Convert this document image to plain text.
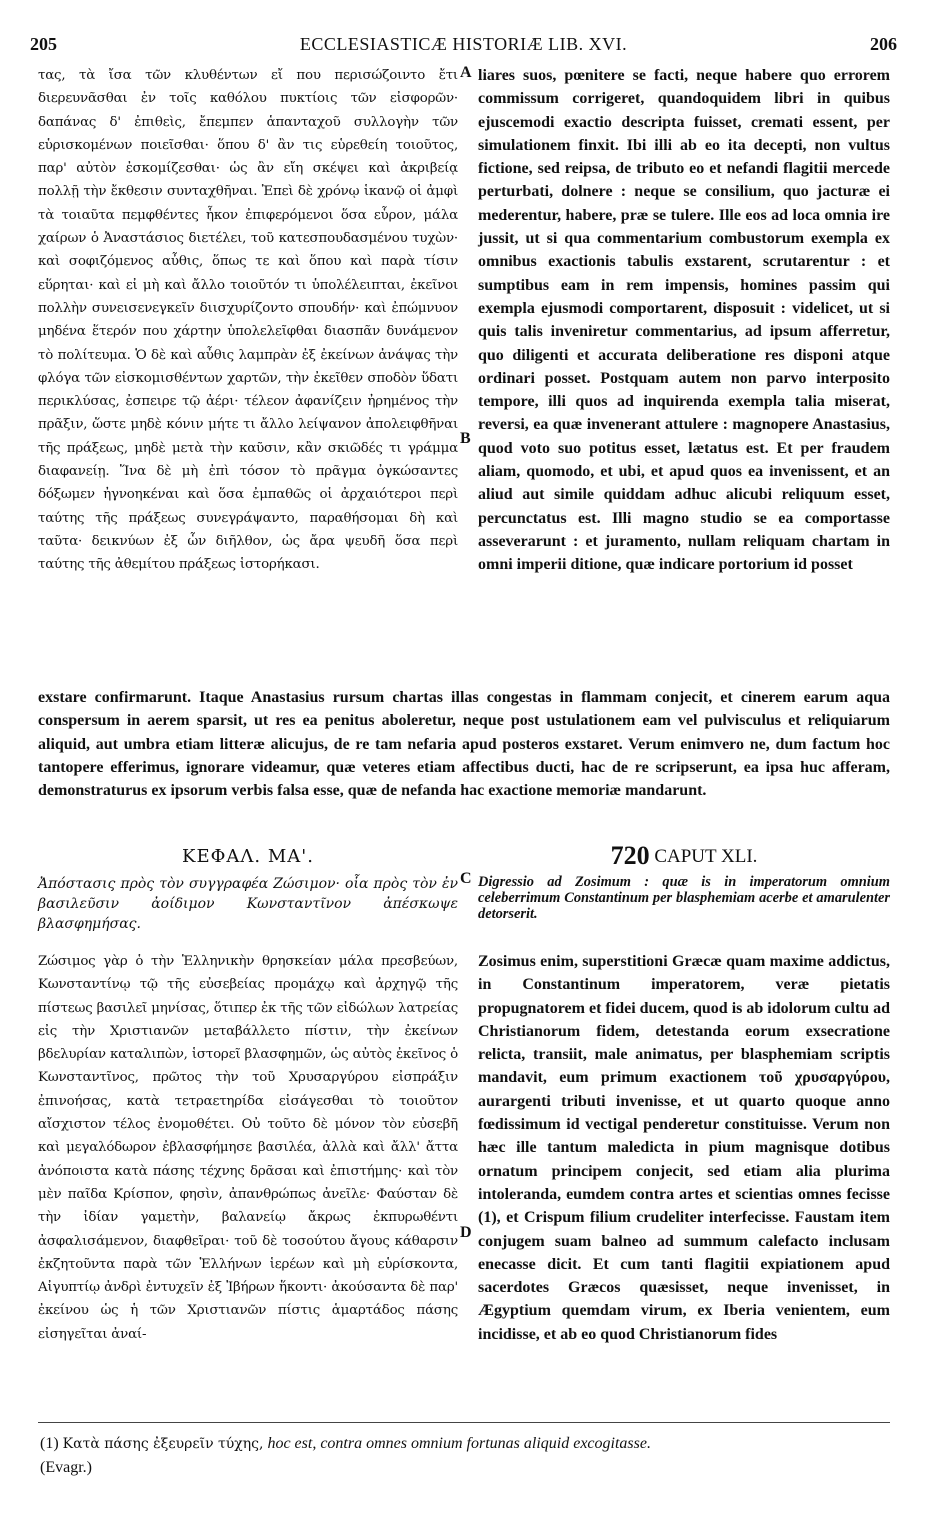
205	ECCLESIASTICÆ HISTORIÆ LIB. XVI.	206

τας, τὰ ἴσα τῶν κλυθέντων εἴ που περισώζοιντο ἔτι διερευνᾶσθαι ἐν τοῖς καθόλου πυκτίοις τῶν εἰσφορῶν· δαπάνας δ' ἐπιθεὶς, ἔπεμπεν ἁπανταχοῦ συλλογὴν τῶν εὑρισκομένων ποιεῖσθαι· ὅπου δ' ἂν τις εὑρεθείη τοιοῦτος, παρ' αὐτὸν ἐσκομίζεσθαι· ὡς ἂν εἴη σκέψει καὶ ἀκριβείᾳ πολλῇ τὴν ἔκθεσιν συνταχθῆναι. Ἐπεὶ δὲ χρόνῳ ἱκανῷ οἱ ἀμφὶ τὰ τοιαῦτα πεμφθέντες ἧκον ἐπιφερόμενοι ὅσα εὗρον, μάλα χαίρων ὁ Ἀναστάσιος διετέλει, τοῦ κατεσπουδασμένου τυχὼν· καὶ σοφιζόμενος αὖθις, ὅπως τε καὶ ὅπου καὶ παρὰ τίσιν εὕρηται· καὶ εἰ μὴ καὶ ἄλλο τοιοῦτόν τι ὑπολέλειπται, ἐκεῖνοι πολλὴν συνεισενεγκεῖν διισχυρίζοντο σπουδήν· καὶ ἐπώμνυον μηδένα ἕτερόν που χάρτην ὑπολελεῖφθαι διασπᾶν δυνάμενον τὸ πολίτευμα. Ὁ δὲ καὶ αὖθις λαμπρὰν ἐξ ἐκείνων ἀνάψας τὴν φλόγα τῶν εἰσκομισθέντων χαρτῶν, τὴν ἐκεῖθεν σποδὸν ὕδατι περικλύσας, ἐσπειρε τῷ ἀέρι· τέλεον ἀφανίζειν ἠρημένος τὴν πρᾶξιν, ὥστε μηδὲ κόνιν μήτε τι ἄλλο λείψανον ἀπολειφθῆναι τῆς πράξεως, μηδὲ μετὰ τὴν καῦσιν, κἂν σκιῶδές τι γράμμα διαφανείῃ. Ἵνα δὲ μὴ ἐπὶ τόσον τὸ πρᾶγμα ὀγκώσαντες δόξωμεν ἠγνοηκέναι καὶ ὅσα ἐμπαθῶς οἱ ἀρχαιότεροι περὶ ταύτης τῆς πράξεως συνεγράψαντο, παραθήσομαι δὴ καὶ ταῦτα· δεικνύων ἐξ ὧν διῆλθον, ὡς ἄρα ψευδῆ ὅσα περὶ ταύτης τῆς ἀθεμίτου πράξεως ἱστορήκασι.

liares suos, pœnitere se facti, neque habere quo errorem commissum corrigeret, quandoquidem libri in quibus ejuscemodi exactio descripta fuisset, cremati essent, per simulationem finxit. Ibi illi ab eo ita decepti, non vultus fictione, sed reipsa, de tributo eo et nefandi flagitii mercede perturbati, dolnere : neque se consilium, quo jacturæ ei mederentur, habere, præ se tulere. Ille eos ad loca omnia ire jussit, ut si qua commentarium combustorum exempla ex omnibus exactionis tabulis exstarent, scrutarentur : et sumptibus eam in rem impensis, homines passim qui exempla ejusmodi comportarent, disposuit : videlicet, ut si quis talis inveniretur commentarius, ad ipsum afferretur, quo diligenti et accurata deliberatione res disponi atque ordinari posset. Postquam autem non parvo interposito tempore, illi quos ad inquirenda exempla talia miserat, reversi, ea quæ invenerant attulere : magnopere Anastasius, quod voto suo potitus esset, lætatus est. Et per fraudem aliam, quomodo, et ubi, et apud quos ea invenissent, et an aliud aut simile quiddam adhuc alicubi reliquum esset, percunctatus est. Illi magno studio se ea comportasse asseverarunt : et juramento, nullam reliquam chartam in omni imperii ditione, quæ indicare portorium id posset

A
B

exstare confirmarunt. Itaque Anastasius rursum chartas illas congestas in flammam conjecit, et cinerem earum aqua conspersum in aerem sparsit, ut res ea penitus aboleretur, neque post ustulationem eam vel pulvisculus et reliquiarum aliquid, aut umbra etiam litteræ alicujus, de re tam nefaria apud posteros exstaret. Verum enimvero ne, dum factum hoc tantopere efferimus, ignorare videamur, quæ veteres etiam affectibus ducti, hac de re scripserunt, ea ipsa huc afferam, demonstraturus ex ipsorum verbis falsa esse, quæ de nefanda hac exactione memoriæ mandarunt.

ΚΕΦΑΛ. ΜΑ'.
Ἀπόστασις πρὸς τὸν συγγραφέα Ζώσιμον· οἷα πρὸς τὸν ἐν βασιλεῦσιν ἀοίδιμον Κωνσταντῖνον ἀπέσκωψε βλασφημήσας.
C
720 CAPUT XLI.
Digressio ad Zosimum : quæ is in imperatorum omnium celeberrimum Constantinum per blasphemiam acerbe et amarulenter detorserit.

Ζώσιμος γὰρ ὁ τὴν Ἑλληνικὴν θρησκείαν μάλα πρεσβεύων, Κωνσταντίνῳ τῷ τῆς εὐσεβείας προμάχῳ καὶ ἀρχηγῷ τῆς πίστεως βασιλεῖ μηνίσας, ὅτιπερ ἐκ τῆς τῶν εἰδώλων λατρείας εἰς τὴν Χριστιανῶν μεταβάλλετο πίστιν, τὴν ἐκείνων βδελυρίαν καταλιπὼν, ἱστορεῖ βλασφημῶν, ὡς αὐτὸς ἐκεῖνος ὁ Κωνσταντῖνος, πρῶτος τὴν τοῦ Χρυσαργύρου εἰσπράξιν ἐπινοήσας, κατὰ τετραετηρίδα εἰσάγεσθαι τὸ τοιοῦτον αἴσχιστον τέλος ἐνομοθέτει. Οὐ τοῦτο δὲ μόνον τὸν εὐσεβῆ καὶ μεγαλόδωρον ἐβλασφήμησε βασιλέα, ἀλλὰ καὶ ἄλλ' ἄττα ἀνόποιστα κατὰ πάσης τέχνης δρᾶσαι καὶ ἐπιστήμης· καὶ τὸν μὲν παῖδα Κρίσπον, φησὶν, ἀπανθρώπως ἀνεῖλε· Φαύσταν δὲ τὴν ἰδίαν γαμετὴν, βαλανείῳ ἄκρως ἐκπυρωθέντι ἀσφαλισάμενον, διαφθεῖραι· τοῦ δὲ τοσούτου ἄγους κάθαρσιν ἐκζητοῦντα παρὰ τῶν Ἑλλήνων ἱερέων καὶ μὴ εὑρίσκοντα, Αἰγυπτίῳ ἀνδρὶ ἐντυχεῖν ἐξ Ἰβήρων ἥκοντι· ἀκούσαντα δὲ παρ' ἐκείνου ὡς ἡ τῶν Χριστιανῶν πίστις ἁμαρτάδος πάσης εἰσηγεῖται ἀναί-

Zosimus enim, superstitioni Græcæ quam maxime addictus, in Constantinum imperatorem, veræ pietatis propugnatorem et fidei ducem, quod is ab idolorum cultu ad Christianorum fidem, detestanda eorum exsecratione relicta, transiit, male animatus, per blasphemiam scriptis mandavit, eum primum exactionem τοῦ χρυσαργύρου, aurargenti tributi invenisse, et ut quarto quoque anno fœdissimum id vectigal penderetur constituisse. Verum non hæc ille tantum maledicta in pium magnisque dotibus ornatum principem conjecit, sed etiam alia plurima intoleranda, eumdem contra artes et scientias omnes fecisse (1), et Crispum filium crudeliter interfecisse. Faustam item conjugem suam balneo ad summum calefacto inclusam enecasse dicit. Et cum tanti flagitii expiationem apud sacerdotes Græcos quæsisset, neque invenisset, in Ægyptium quemdam virum, ex Iberia venientem, eum incidisse, et ab eo quod Christianorum fides

D
(1) Κατὰ πάσης ἐξευρεῖν τύχης, hoc est, contra omnes omnium fortunas aliquid excogitasse.
(Evagr.)
